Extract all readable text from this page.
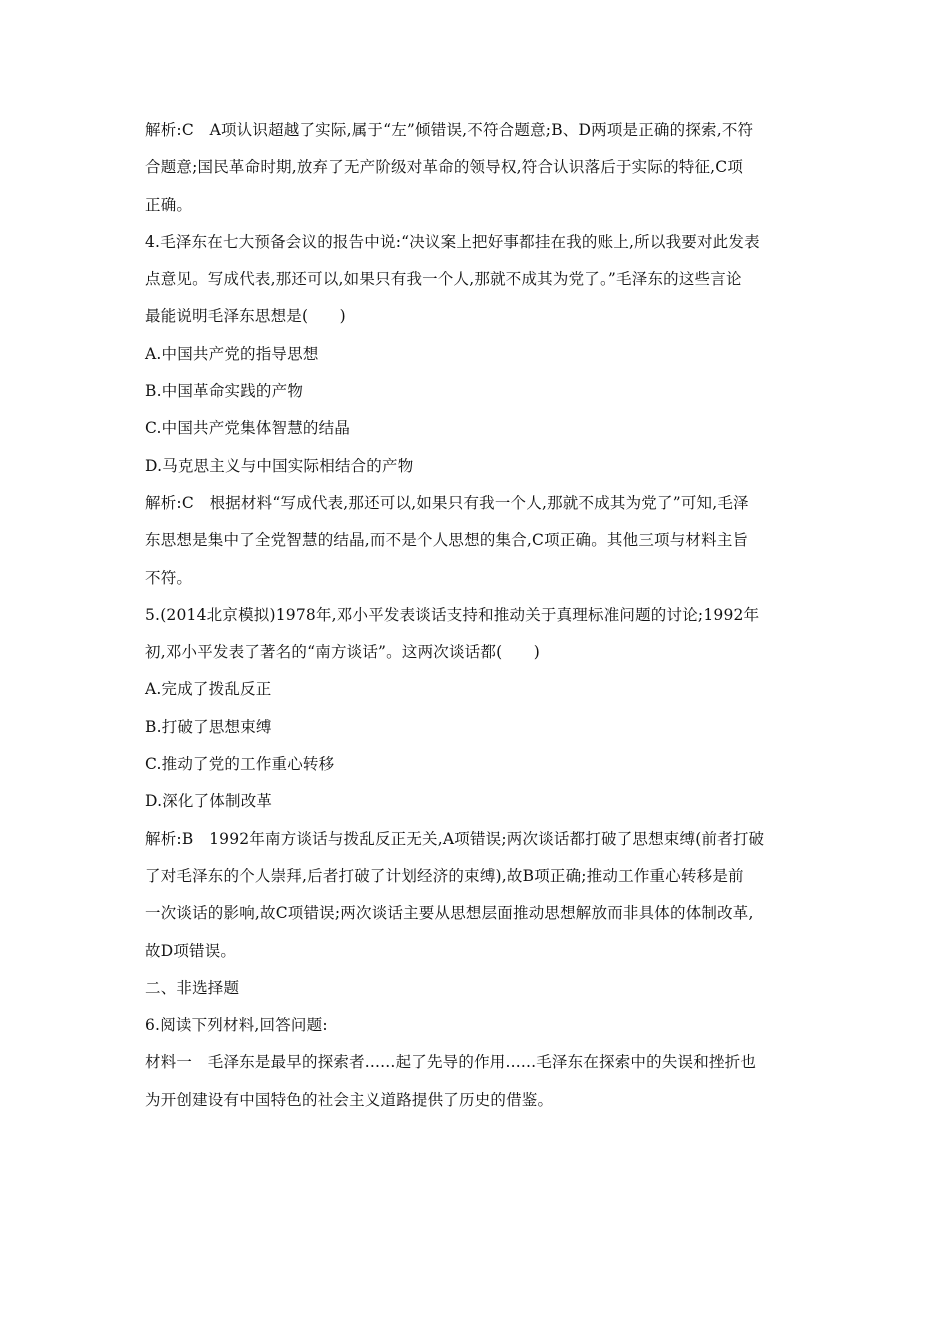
解析:C　A项认识超越了实际,属于“左”倾错误,不符合题意;B、D两项是正确的探索,不符
合题意;国民革命时期,放弃了无产阶级对革命的领导权,符合认识落后于实际的特征,C项
正确。
4.毛泽东在七大预备会议的报告中说:“决议案上把好事都挂在我的账上,所以我要对此发表
点意见。写成代表,那还可以,如果只有我一个人,那就不成其为党了。”毛泽东的这些言论
最能说明毛泽东思想是(　　)
A.中国共产党的指导思想
B.中国革命实践的产物
C.中国共产党集体智慧的结晶
D.马克思主义与中国实际相结合的产物
解析:C　根据材料“写成代表,那还可以,如果只有我一个人,那就不成其为党了”可知,毛泽
东思想是集中了全党智慧的结晶,而不是个人思想的集合,C项正确。其他三项与材料主旨
不符。
5.(2014北京模拟)1978年,邓小平发表谈话支持和推动关于真理标准问题的讨论;1992年
初,邓小平发表了著名的“南方谈话”。这两次谈话都(　　)
A.完成了拨乱反正
B.打破了思想束缚
C.推动了党的工作重心转移
D.深化了体制改革
解析:B　1992年南方谈话与拨乱反正无关,A项错误;两次谈话都打破了思想束缚(前者打破
了对毛泽东的个人崇拜,后者打破了计划经济的束缚),故B项正确;推动工作重心转移是前
一次谈话的影响,故C项错误;两次谈话主要从思想层面推动思想解放而非具体的体制改革,
故D项错误。
二、非选择题
6.阅读下列材料,回答问题:
材料一　毛泽东是最早的探索者......起了先导的作用......毛泽东在探索中的失误和挫折也
为开创建设有中国特色的社会主义道路提供了历史的借鉴。
